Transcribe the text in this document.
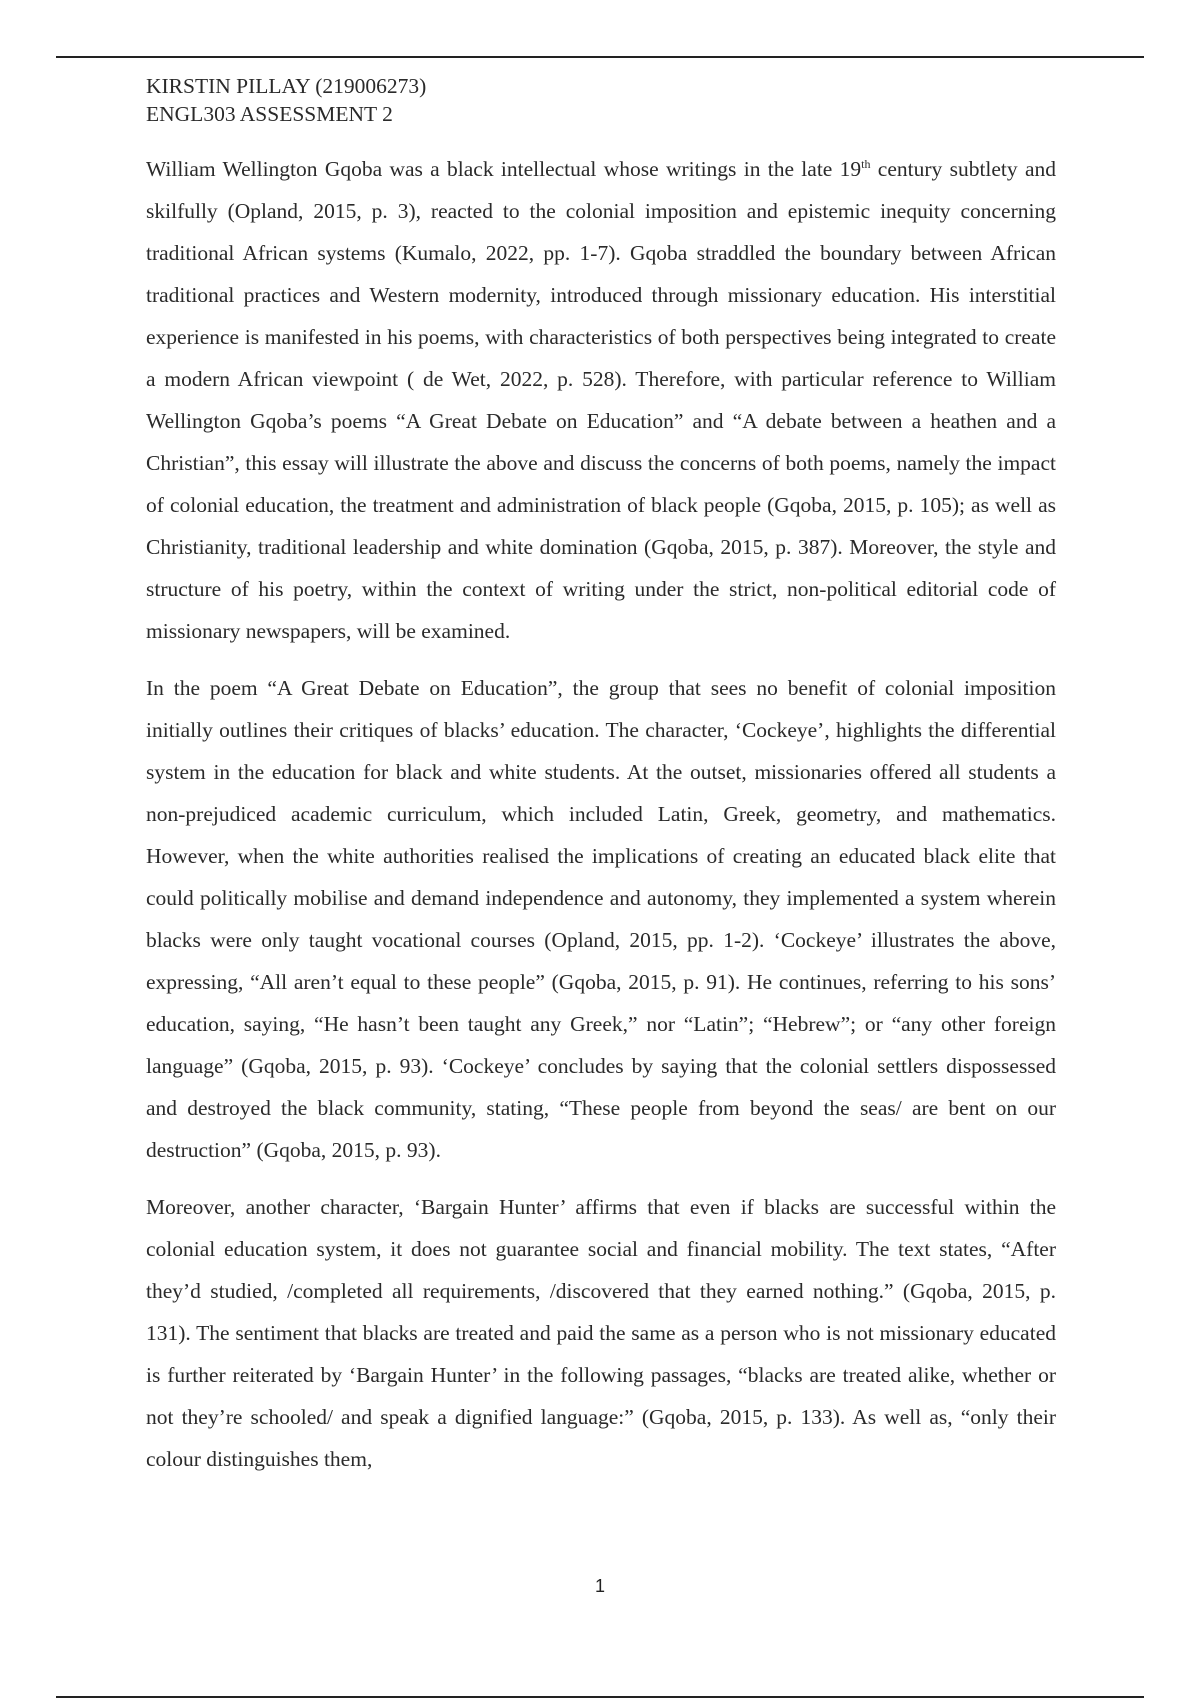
KIRSTIN PILLAY (219006273)
ENGL303 ASSESSMENT 2

William Wellington Gqoba was a black intellectual whose writings in the late 19th century subtlety and skilfully (Opland, 2015, p. 3), reacted to the colonial imposition and epistemic inequity concerning traditional African systems (Kumalo, 2022, pp. 1-7). Gqoba straddled the boundary between African traditional practices and Western modernity, introduced through missionary education. His interstitial experience is manifested in his poems, with characteristics of both perspectives being integrated to create a modern African viewpoint ( de Wet, 2022, p. 528). Therefore, with particular reference to William Wellington Gqoba’s poems “A Great Debate on Education” and “A debate between a heathen and a Christian”, this essay will illustrate the above and discuss the concerns of both poems, namely the impact of colonial education, the treatment and administration of black people (Gqoba, 2015, p. 105); as well as Christianity, traditional leadership and white domination (Gqoba, 2015, p. 387). Moreover, the style and structure of his poetry, within the context of writing under the strict, non-political editorial code of missionary newspapers, will be examined.

In the poem “A Great Debate on Education”, the group that sees no benefit of colonial imposition initially outlines their critiques of blacks’ education. The character, ‘Cockeye’, highlights the differential system in the education for black and white students. At the outset, missionaries offered all students a non-prejudiced academic curriculum, which included Latin, Greek, geometry, and mathematics. However, when the white authorities realised the implications of creating an educated black elite that could politically mobilise and demand independence and autonomy, they implemented a system wherein blacks were only taught vocational courses (Opland, 2015, pp. 1-2). ‘Cockeye’ illustrates the above, expressing, “All aren’t equal to these people” (Gqoba, 2015, p. 91). He continues, referring to his sons’ education, saying, “He hasn’t been taught any Greek,” nor “Latin”; “Hebrew”; or “any other foreign language” (Gqoba, 2015, p. 93). ‘Cockeye’ concludes by saying that the colonial settlers dispossessed and destroyed the black community, stating, “These people from beyond the seas/ are bent on our destruction” (Gqoba, 2015, p. 93).

Moreover, another character, ‘Bargain Hunter’ affirms that even if blacks are successful within the colonial education system, it does not guarantee social and financial mobility. The text states, “After they’d studied, /completed all requirements, /discovered that they earned nothing.” (Gqoba, 2015, p. 131). The sentiment that blacks are treated and paid the same as a person who is not missionary educated is further reiterated by ‘Bargain Hunter’ in the following passages, “blacks are treated alike, whether or not they’re schooled/ and speak a dignified language:” (Gqoba, 2015, p. 133). As well as, “only their colour distinguishes them,

1
